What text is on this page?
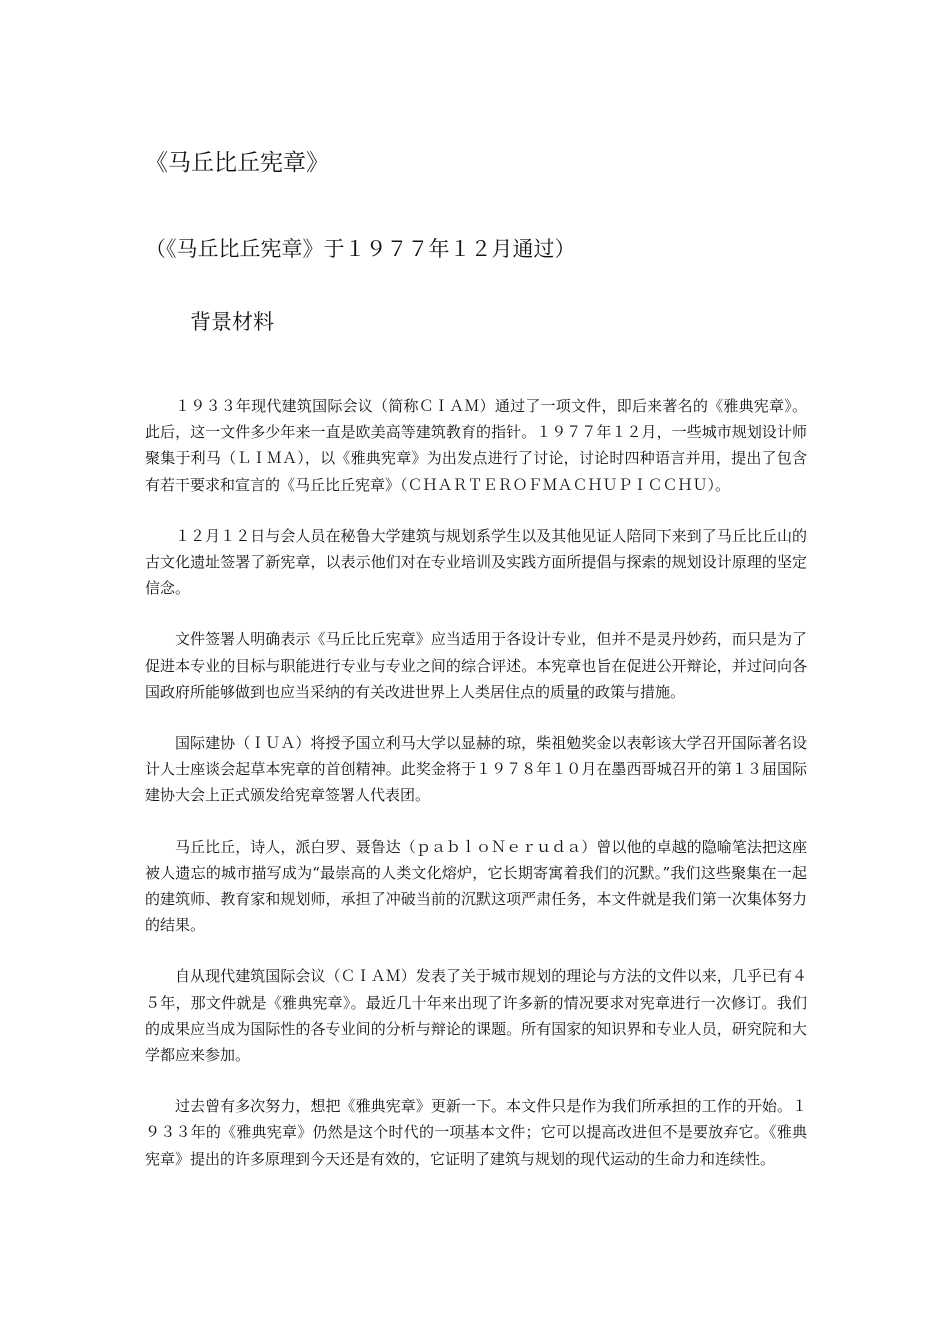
《马丘比丘宪章》
（《马丘比丘宪章》于１９７７年１２月通过）
背景材料

１９３３年现代建筑国际会议（简称ＣＩＡＭ）通过了一项文件，即后来著名的《雅典宪章》。此后，这一文件多少年来一直是欧美高等建筑教育的指针。１９７７年１２月，一些城市规划设计师聚集于利马（ＬＩＭＡ），以《雅典宪章》为出发点进行了讨论，讨论时四种语言并用，提出了包含有若干要求和宣言的《马丘比丘宪章》（ＣＨＡＲＴＥＲＯＦＭＡＣＨＵＰＩＣＣＨＵ）。

１２月１２日与会人员在秘鲁大学建筑与规划系学生以及其他见证人陪同下来到了马丘比丘山的古文化遗址签署了新宪章，以表示他们对在专业培训及实践方面所提倡与探索的规划设计原理的坚定信念。

文件签署人明确表示《马丘比丘宪章》应当适用于各设计专业，但并不是灵丹妙药，而只是为了促进本专业的目标与职能进行专业与专业之间的综合评述。本宪章也旨在促进公开辩论，并过问向各国政府所能够做到也应当采纳的有关改进世界上人类居住点的质量的政策与措施。

国际建协（ＩＵＡ）将授予国立利马大学以显赫的琼，柴祖勉奖金以表彰该大学召开国际著名设计人士座谈会起草本宪章的首创精神。此奖金将于１９７８年１０月在墨西哥城召开的第１３届国际建协大会上正式颁发给宪章签署人代表团。

马丘比丘，诗人，派白罗、聂鲁达（ｐａｂｌｏＮｅｒｕｄａ）曾以他的卓越的隐喻笔法把这座被人遗忘的城市描写成为“最崇高的人类文化熔炉，它长期寄寓着我们的沉默。”我们这些聚集在一起的建筑师、教育家和规划师，承担了冲破当前的沉默这项严肃任务，本文件就是我们第一次集体努力的结果。

自从现代建筑国际会议（ＣＩＡＭ）发表了关于城市规划的理论与方法的文件以来，几乎已有４５年，那文件就是《雅典宪章》。最近几十年来出现了许多新的情况要求对宪章进行一次修订。我们的成果应当成为国际性的各专业间的分析与辩论的课题。所有国家的知识界和专业人员，研究院和大学都应来参加。

过去曾有多次努力，想把《雅典宪章》更新一下。本文件只是作为我们所承担的工作的开始。１９３３年的《雅典宪章》仍然是这个时代的一项基本文件；它可以提高改进但不是要放弃它。《雅典宪章》提出的许多原理到今天还是有效的，它证明了建筑与规划的现代运动的生命力和连续性。
